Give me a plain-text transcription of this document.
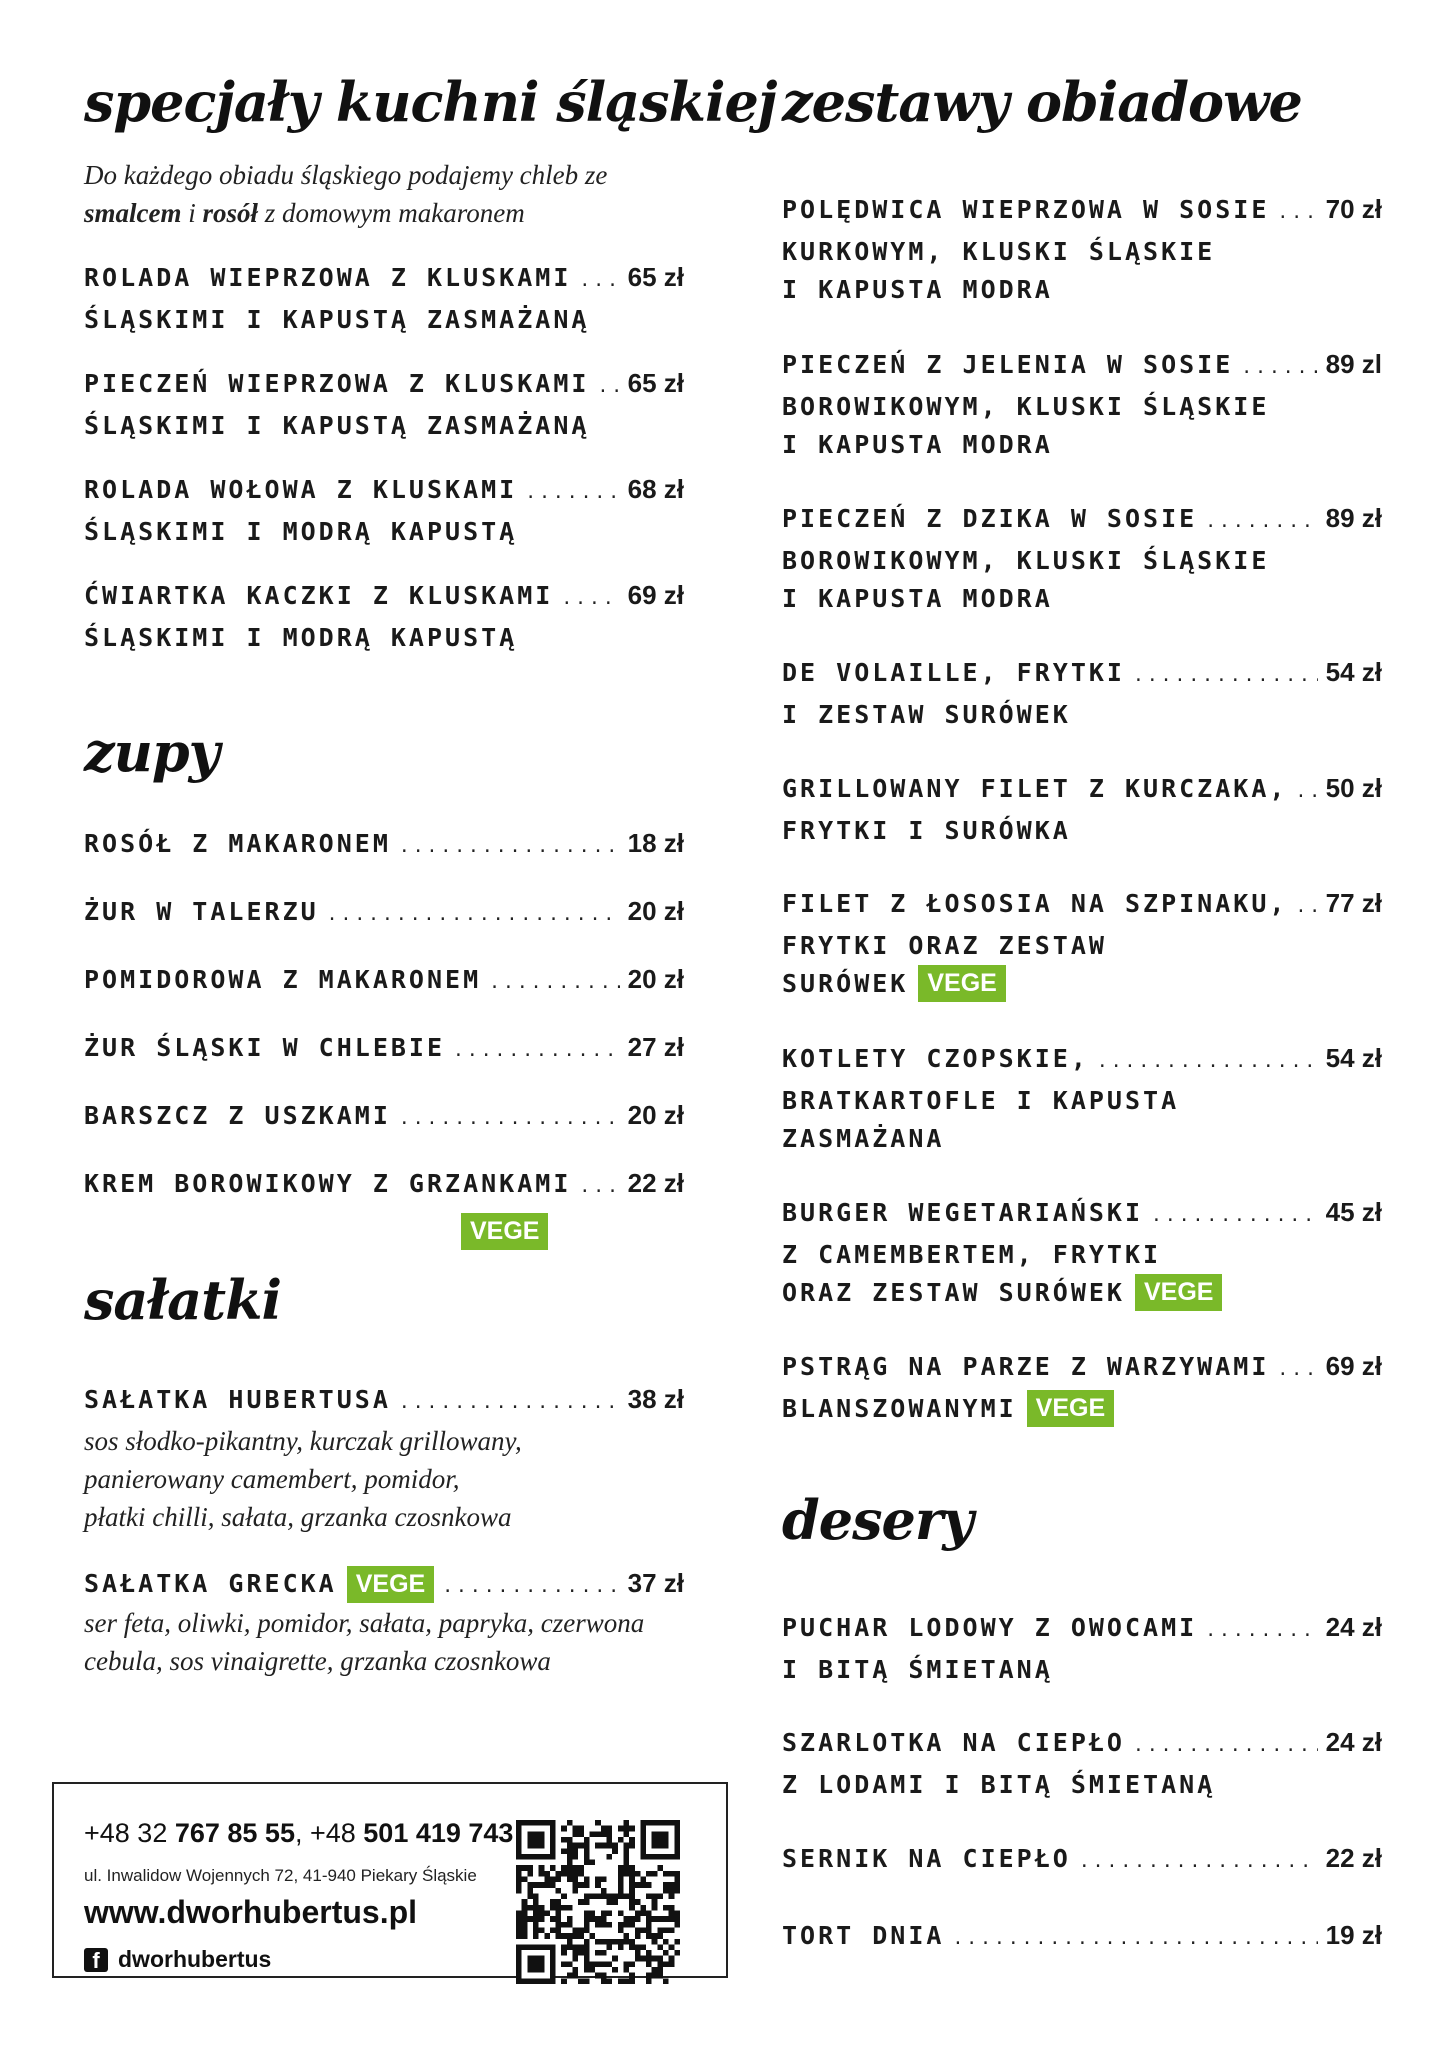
specjały kuchni śląskiej
Do każdego obiadu śląskiego podajemy chleb ze
smalcem i rosół z domowym makaronem
ROLADA WIEPRZOWA Z KLUSKAMI ..... 65 zł
ŚLĄSKIMI I KAPUSTĄ ZASMAŻANĄ
PIECZEŃ WIEPRZOWA Z KLUSKAMI ..... 65 zł
ŚLĄSKIMI I KAPUSTĄ ZASMAŻANĄ
ROLADA WOŁOWA Z KLUSKAMI .....	68 zł
ŚLĄSKIMI I MODRĄ KAPUSTĄ
ĆWIARTKA KACZKI Z KLUSKAMI .....	69 zł
ŚLĄSKIMI I MODRĄ KAPUSTĄ
zupy
ROSÓŁ Z MAKARONEM .....	18 zł
ŻUR W TALERZU .....	20 zł
POMIDOROWA Z MAKARONEM .....	20 zł
ŻUR ŚLĄSKI W CHLEBIE .....	27 zł
BARSZCZ Z USZKAMI .....	20 zł
KREM BOROWIKOWY Z GRZANKAMI ..... 22 zł
VEGE
sałatki
SAŁATKA HUBERTUSA .....	38 zł
sos słodko-pikantny, kurczak grillowany,
panierowany camembert, pomidor,
płatki chilli, sałata, grzanka czosnkowa
SAŁATKA GRECKA VEGE .....	37 zł
ser feta, oliwki, pomidor, sałata, papryka, czerwona
cebula, sos vinaigrette, grzanka czosnkowa
+48 32 767 85 55, +48 501 419 743
ul. Inwalidow Wojennych 72, 41-940 Piekary Śląskie
www.dworhubertus.pl
f dworhubertus
zestawy obiadowe
POLĘDWICA WIEPRZOWA W SOSIE ..... 70 zł
KURKOWYM, KLUSKI ŚLĄSKIE
I KAPUSTA MODRA
PIECZEŃ Z JELENIA W SOSIE .....	89 zl
BOROWIKOWYM, KLUSKI ŚLĄSKIE
I KAPUSTA MODRA
PIECZEŃ Z DZIKA W SOSIE .....	89 zł
BOROWIKOWYM, KLUSKI ŚLĄSKIE
I KAPUSTA MODRA
DE VOLAILLE, FRYTKI .....	54 zł
I ZESTAW SURÓWEK
GRILLOWANY FILET Z KURCZAKA, ..... 50 zł
FRYTKI I SURÓWKA
FILET Z ŁOSOSIA NA SZPINAKU, ..... 77 zł
FRYTKI ORAZ ZESTAW
SURÓWEK VEGE
KOTLETY CZOPSKIE, .....	54 zł
BRATKARTOFLE I KAPUSTA
ZASMAŻANA
BURGER WEGETARIAŃSKI .....	45 zł
Z CAMEMBERTEM, FRYTKI
ORAZ ZESTAW SURÓWEK VEGE
PSTRĄG NA PARZE Z WARZYWAMI ..... 69 zł
BLANSZOWANYMI VEGE
desery
PUCHAR LODOWY Z OWOCAMI .....	24 zł
I BITĄ ŚMIETANĄ
SZARLOTKA NA CIEPŁO .....	24 zł
Z LODAMI I BITĄ ŚMIETANĄ
SERNIK NA CIEPŁO .....	22 zł
TORT DNIA .....	19 zł
